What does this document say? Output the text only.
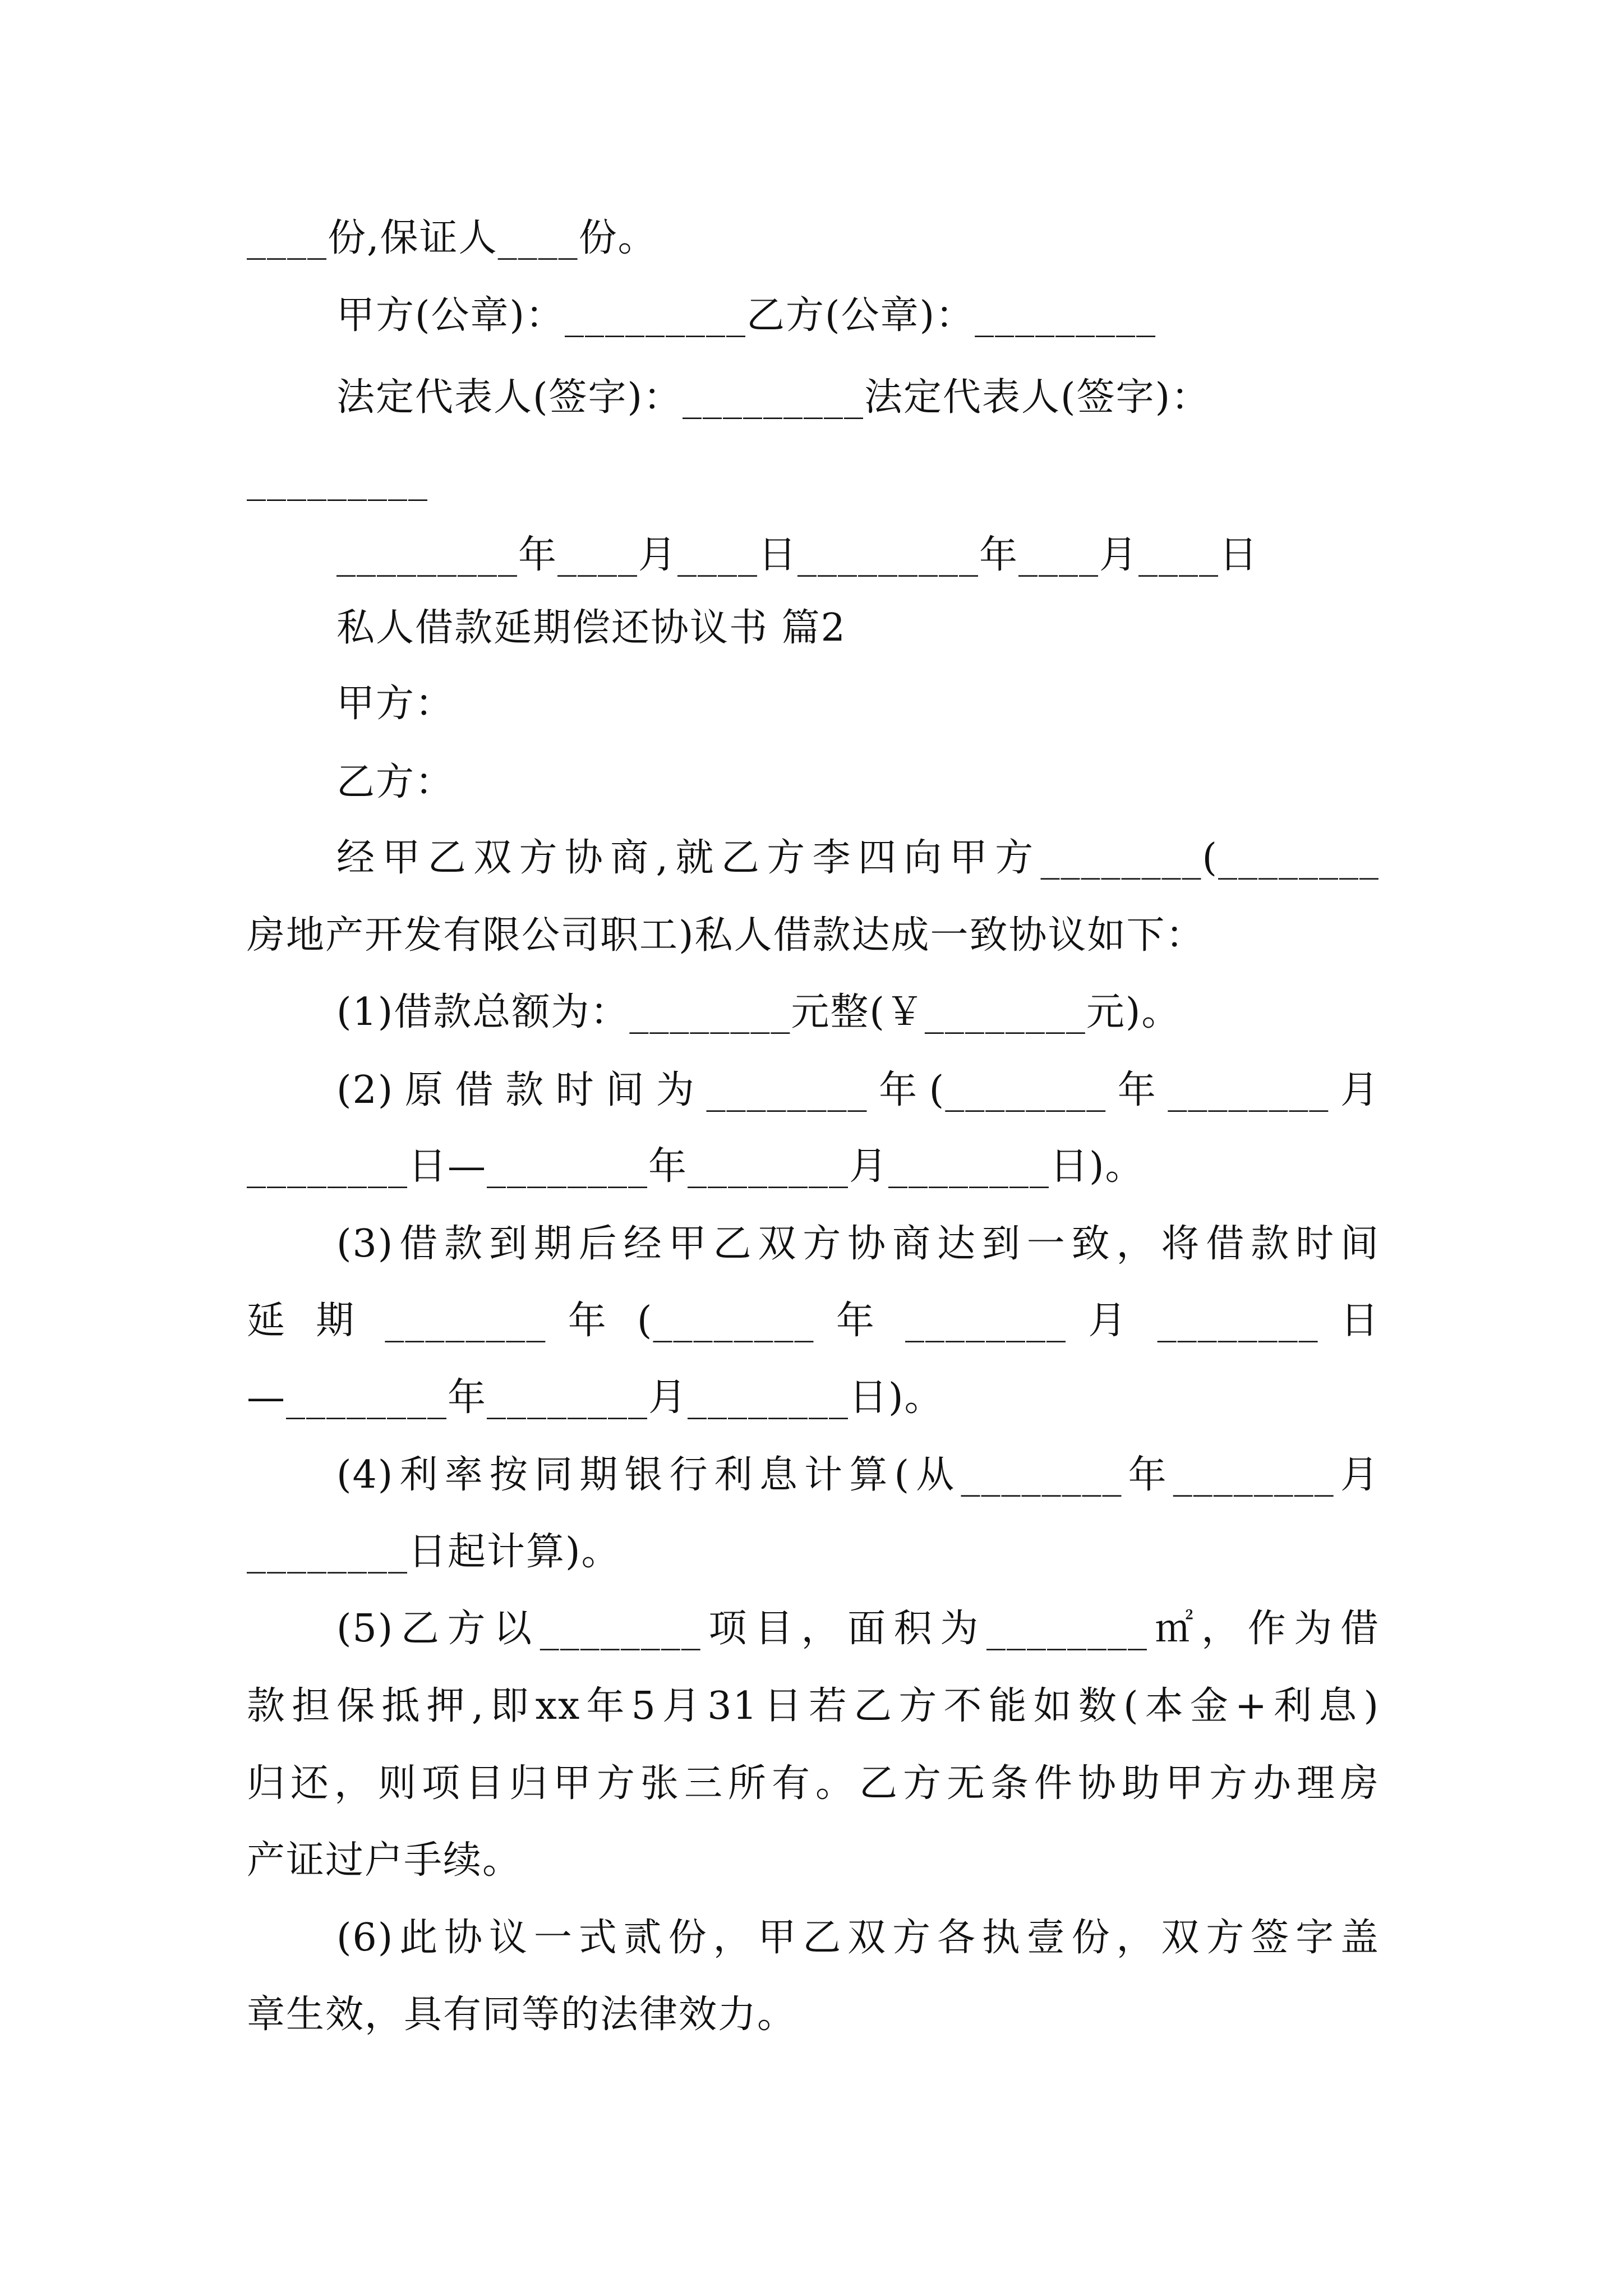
____份,保证人____份。
甲方(公章)：_________乙方(公章)：_________
法定代表人(签字)：_________法定代表人(签字)：
_________
_________年____月____日_________年____月____日
私人借款延期偿还协议书 篇2
甲方：
乙方：
经甲乙双方协商,就乙方李四向甲方________(________
房地产开发有限公司职工)私人借款达成一致协议如下：
(1)借款总额为：________元整(￥________元)。
(2)原借款时间为________年(________年________月
________日—________年________月________日)。
(3)借款到期后经甲乙双方协商达到一致，将借款时间
延 期 ________ 年 (________ 年 ________ 月 ________ 日
—________年________月________日)。
(4)利率按同期银行利息计算(从________年________月
________日起计算)。
(5)乙方以________项目，面积为________㎡，作为借
款担保抵押,即xx年5月31日若乙方不能如数(本金+利息)
归还，则项目归甲方张三所有。乙方无条件协助甲方办理房
产证过户手续。
(6)此协议一式贰份，甲乙双方各执壹份，双方签字盖
章生效，具有同等的法律效力。
